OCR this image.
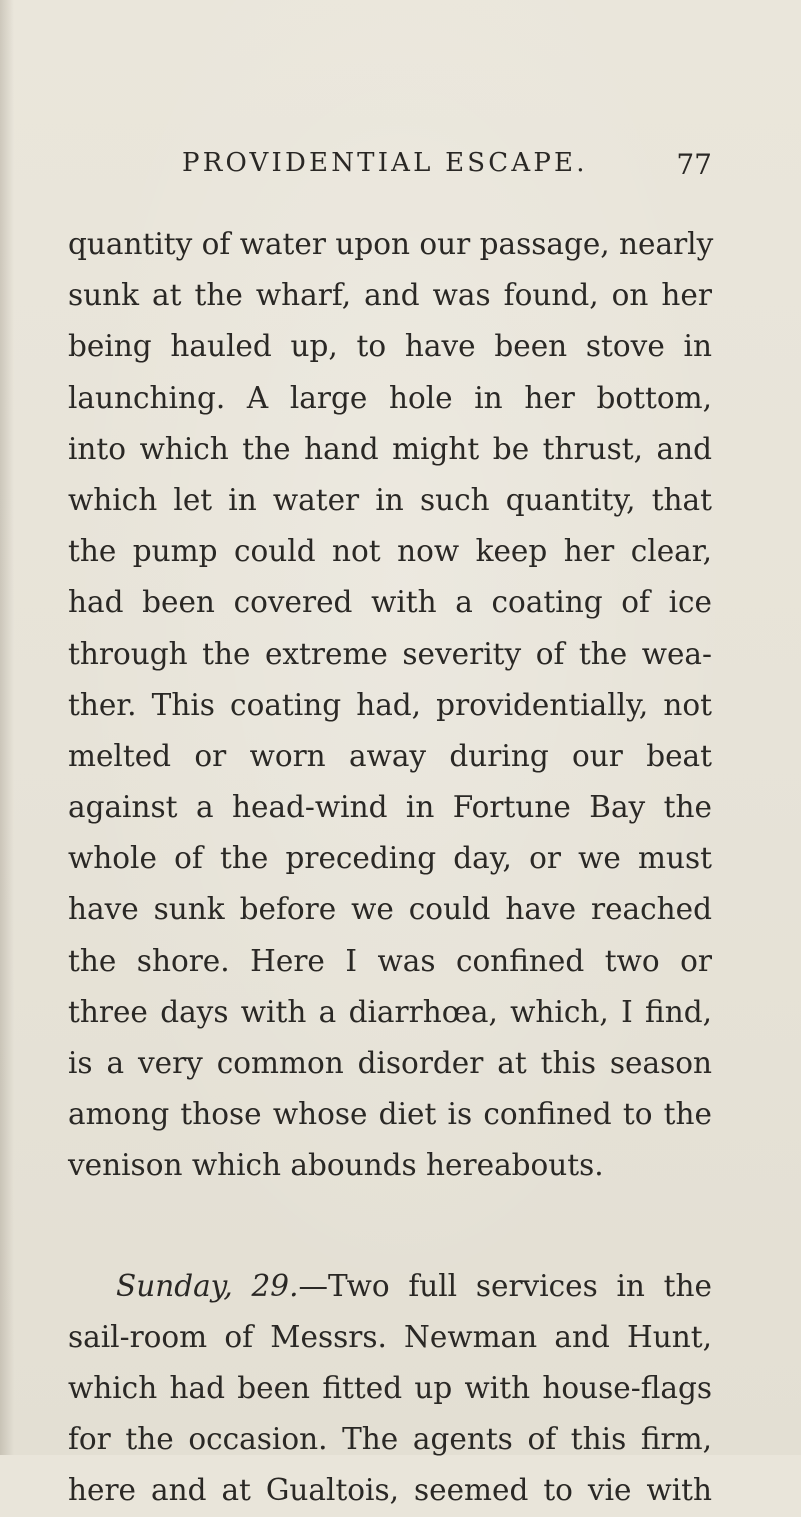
PROVIDENTIAL ESCAPE.	77
quantity of water upon our passage, nearly
sunk at the wharf, and was found, on her
being hauled up, to have been stove in
launching. A large hole in her bottom,
into which the hand might be thrust, and
which let in water in such quantity, that
the pump could not now keep her clear,
had been covered with a coating of ice
through the extreme severity of the wea-
ther. This coating had, providentially, not
melted or worn away during our beat
against a head-wind in Fortune Bay the
whole of the preceding day, or we must
have sunk before we could have reached
the shore. Here I was confined two or
three days with a diarrhœa, which, I find,
is a very common disorder at this season
among those whose diet is confined to the
venison which abounds hereabouts.
Sunday, 29.—Two full services in the
sail-room of Messrs. Newman and Hunt,
which had been fitted up with house-flags
for the occasion. The agents of this firm,
here and at Gualtois, seemed to vie with
